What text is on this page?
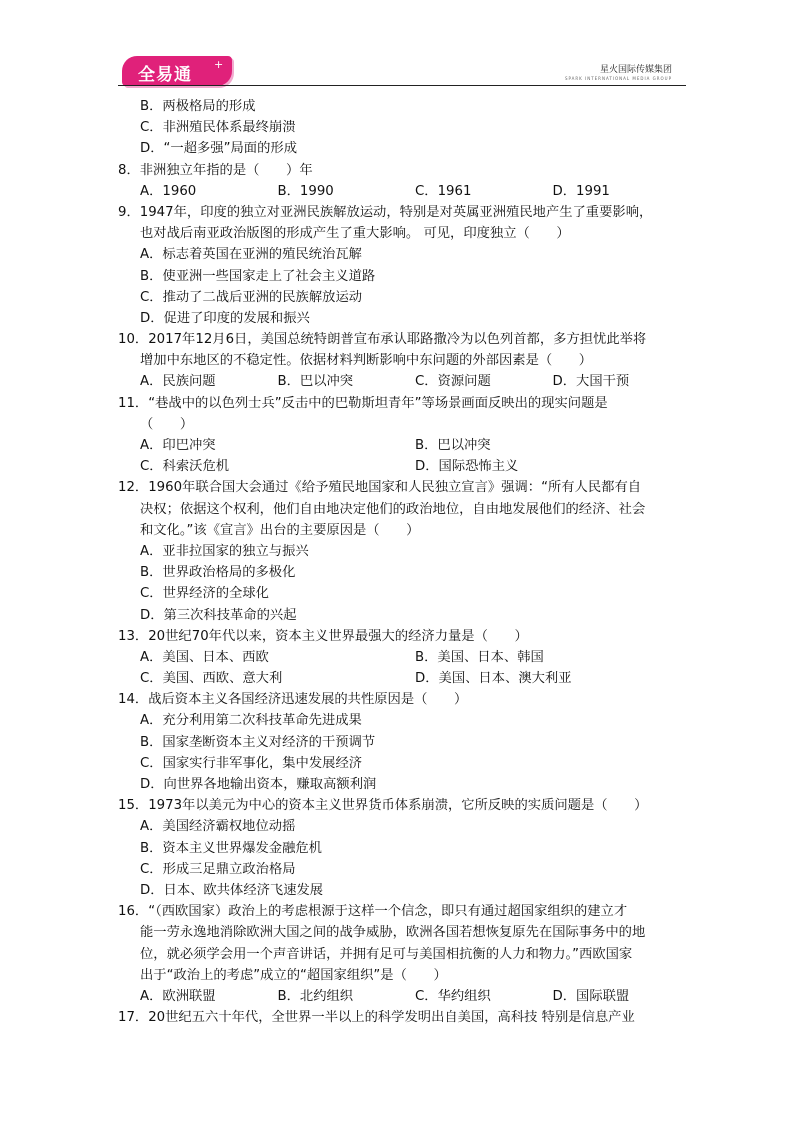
全易通
+	星火国际传媒集团
SPARK INTERNATIONAL MEDIA GROUP
B．两极格局的形成
C．非洲殖民体系最终崩溃
D．“一超多强”局面的形成
8．非洲独立年指的是（　　）年
A．1960	B．1990	C．1961	D．1991
9．1947年，印度的独立对亚洲民族解放运动，特别是对英属亚洲殖民地产生了重要影响，
也对战后南亚政治版图的形成产生了重大影响。 可见，印度独立（　　）
A．标志着英国在亚洲的殖民统治瓦解
B．使亚洲一些国家走上了社会主义道路
C．推动了二战后亚洲的民族解放运动
D．促进了印度的发展和振兴
10．2017年12月6日，美国总统特朗普宣布承认耶路撒冷为以色列首都，多方担忧此举将
增加中东地区的不稳定性。依据材料判断影响中东问题的外部因素是（　　）
A．民族问题	B．巴以冲突	C．资源问题	D．大国干预
11．“巷战中的以色列士兵”反击中的巴勒斯坦青年”等场景画面反映出的现实问题是
（　　）
A．印巴冲突	B．巴以冲突
C．科索沃危机	D．国际恐怖主义
12．1960年联合国大会通过《给予殖民地国家和人民独立宣言》强调：“所有人民都有自
决权；依据这个权利，他们自由地决定他们的政治地位，自由地发展他们的经济、社会
和文化。”该《宣言》出台的主要原因是（　　）
A．亚非拉国家的独立与振兴
B．世界政治格局的多极化
C．世界经济的全球化
D．第三次科技革命的兴起
13．20世纪70年代以来，资本主义世界最强大的经济力量是（　　）
A．美国、日本、西欧	B．美国、日本、韩国
C．美国、西欧、意大利	D．美国、日本、澳大利亚
14．战后资本主义各国经济迅速发展的共性原因是（　　）
A．充分利用第二次科技革命先进成果
B．国家垄断资本主义对经济的干预调节
C．国家实行非军事化，集中发展经济
D．向世界各地输出资本，赚取高额利润
15．1973年以美元为中心的资本主义世界货币体系崩溃，它所反映的实质问题是（　　）
A．美国经济霸权地位动摇
B．资本主义世界爆发金融危机
C．形成三足鼎立政治格局
D．日本、欧共体经济飞速发展
16．“（西欧国家）政治上的考虑根源于这样一个信念，即只有通过超国家组织的建立才
能一劳永逸地消除欧洲大国之间的战争威胁，欧洲各国若想恢复原先在国际事务中的地
位，就必须学会用一个声音讲话，并拥有足可与美国相抗衡的人力和物力。”西欧国家
出于“政治上的考虑”成立的“超国家组织”是（　　）
A．欧洲联盟	B．北约组织	C．华约组织	D．国际联盟
17．20世纪五六十年代，全世界一半以上的科学发明出自美国，高科技 特别是信息产业
